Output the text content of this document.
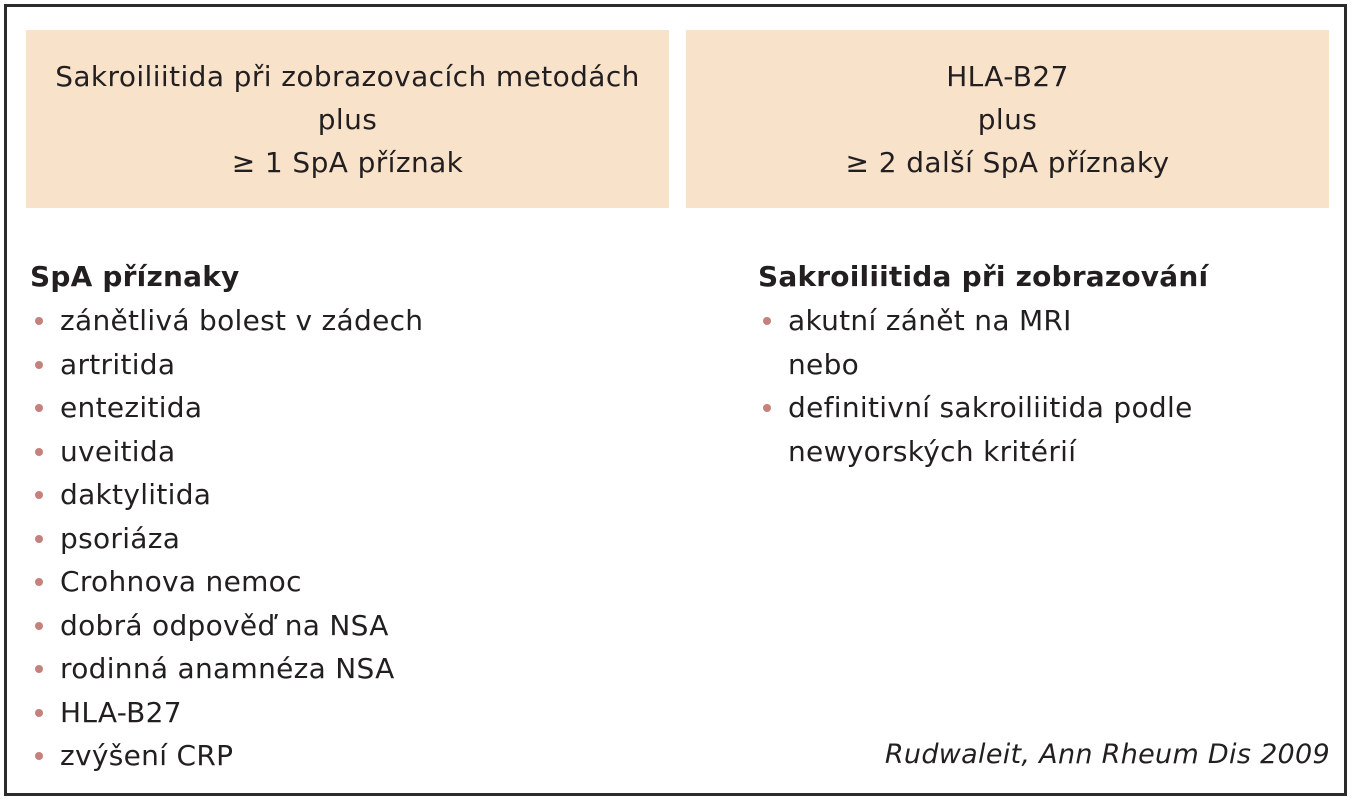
Sakroiliitida při zobrazovacích metodách
plus
≥ 1 SpA příznak
HLA-B27
plus
≥ 2 další SpA příznaky
SpA příznaky
zánětlivá bolest v zádech
artritida
entezitida
uveitida
daktylitida
psoriáza
Crohnova nemoc
dobrá odpověď na NSA
rodinná anamnéza NSA
HLA-B27
zvýšení CRP
Sakroiliitida při zobrazování
akutní zánět na MRI
nebo
definitivní sakroiliitida podle
newyorských kritérií
Rudwaleit, Ann Rheum Dis 2009
